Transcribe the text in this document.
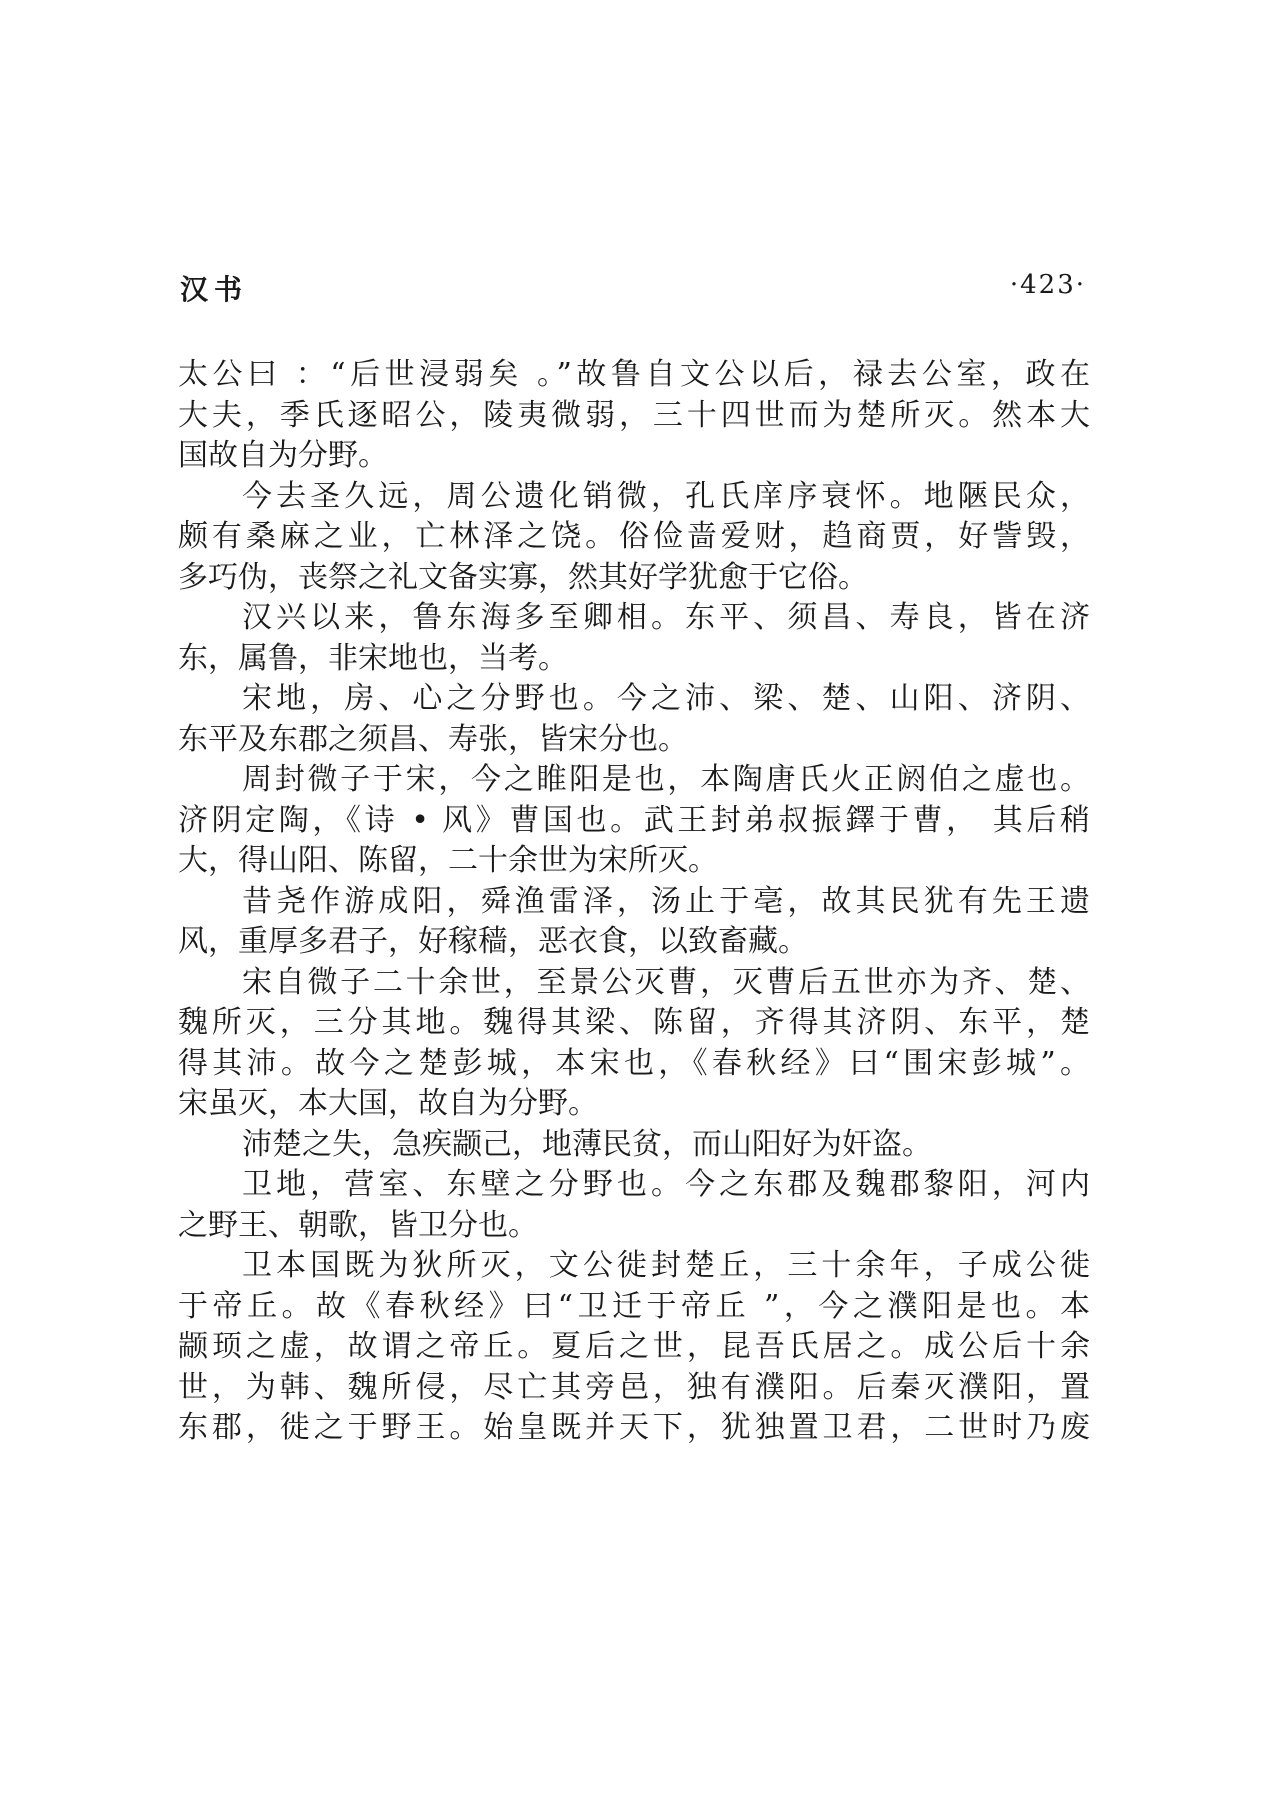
汉书	·423·
太公曰 ：“后世浸弱矣 。”故鲁自文公以后，禄去公室，政在
大夫，季氏逐昭公，陵夷微弱，三十四世而为楚所灭。然本大
国故自为分野。
今去圣久远，周公遗化销微，孔氏庠序衰怀。地陿民众，
颇有桑麻之业，亡林泽之饶。俗俭啬爱财，趋商贾，好訾毁，
多巧伪，丧祭之礼文备实寡，然其好学犹愈于它俗。
汉兴以来，鲁东海多至卿相。东平、须昌、寿良，皆在济
东，属鲁，非宋地也，当考。
宋地，房、心之分野也。今之沛、梁、楚、山阳、济阴、
东平及东郡之须昌、寿张，皆宋分也。
周封微子于宋，今之睢阳是也，本陶唐氏火正阏伯之虚也。
济阴定陶，《诗 • 风》曹国也。武王封弟叔振鐸于曹， 其后稍
大，得山阳、陈留，二十余世为宋所灭。
昔尧作游成阳，舜渔雷泽，汤止于亳，故其民犹有先王遗
风，重厚多君子，好稼穑，恶衣食，以致畜藏。
宋自微子二十余世，至景公灭曹，灭曹后五世亦为齐、楚、
魏所灭，三分其地。魏得其梁、陈留，齐得其济阴、东平，楚
得其沛。故今之楚彭城，本宋也，《春秋经》曰“围宋彭城”。
宋虽灭，本大国，故自为分野。
沛楚之失，急疾颛己，地薄民贫，而山阳好为奸盗。
卫地，营室、东壁之分野也。今之东郡及魏郡黎阳，河内
之野王、朝歌，皆卫分也。
卫本国既为狄所灭，文公徙封楚丘，三十余年，子成公徙
于帝丘。故《春秋经》曰“卫迁于帝丘 ”，今之濮阳是也。本
颛顼之虚，故谓之帝丘。夏后之世，昆吾氏居之。成公后十余
世，为韩、魏所侵，尽亡其旁邑，独有濮阳。后秦灭濮阳，置
东郡，徙之于野王。始皇既并天下，犹独置卫君，二世时乃废
